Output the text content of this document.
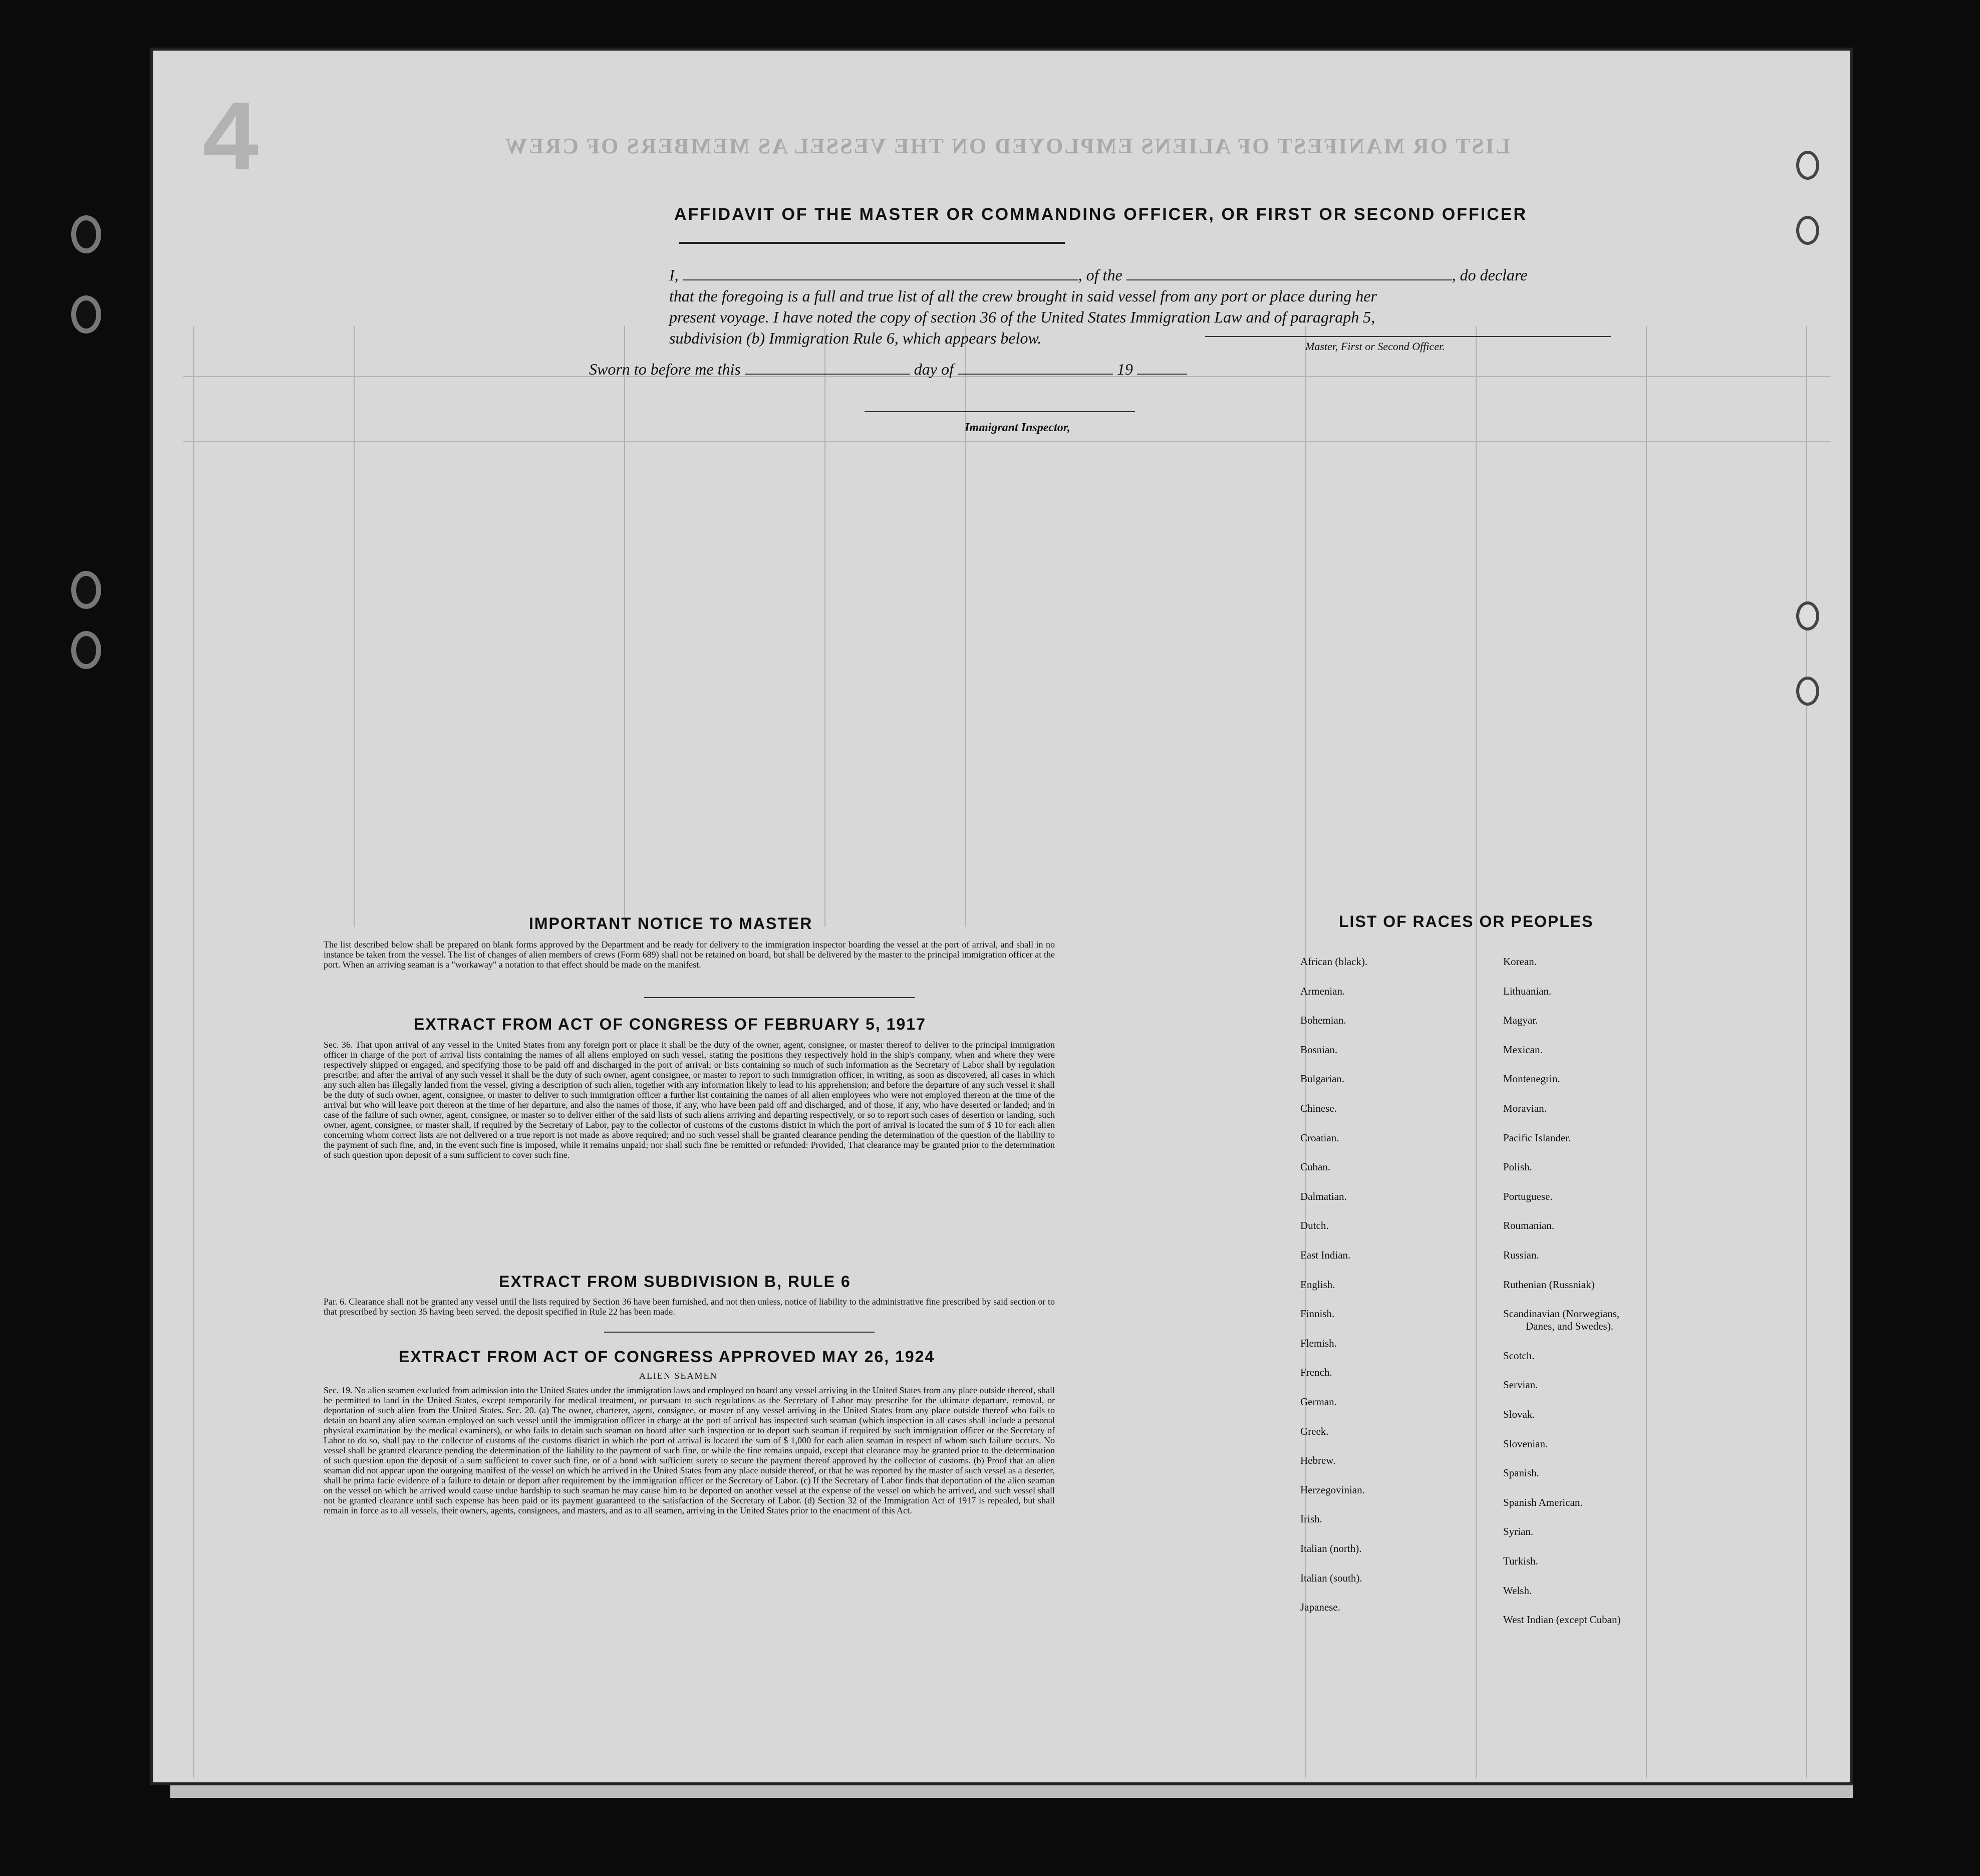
LIST OR MANIFEST OF ALIENS EMPLOYED ON THE VESSEL AS MEMBERS OF CREW
4
AFFIDAVIT OF THE MASTER OR COMMANDING OFFICER, OR FIRST OR SECOND OFFICER
I,	, of the	, do declare
that the foregoing is a full and true list of all the crew brought in said vessel from any port or place during her
present voyage. I have noted the copy of section 36 of the United States Immigration Law and of paragraph 5,
subdivision (b) Immigration Rule 6, which appears below.	Master, First or Second Officer.
Sworn to before me this	day of	19
Immigrant Inspector,
IMPORTANT NOTICE TO MASTER
The list described below shall be prepared on blank forms approved by the Department and be ready for delivery to the immigration inspector boarding the vessel at the port of arrival, and shall in no instance be taken from the vessel. The list of changes of alien members of crews (Form 689) shall not be retained on board, but shall be delivered by the master to the principal immigration officer at the port. When an arriving seaman is a "workaway" a notation to that effect should be made on the manifest.
EXTRACT FROM ACT OF CONGRESS OF FEBRUARY 5, 1917
Sec. 36. That upon arrival of any vessel in the United States from any foreign port or place it shall be the duty of the owner, agent, consignee, or master thereof to deliver to the principal immigration officer in charge of the port of arrival lists containing the names of all aliens employed on such vessel, stating the positions they respectively hold in the ship's company, when and where they were respectively shipped or engaged, and specifying those to be paid off and discharged in the port of arrival; or lists containing so much of such information as the Secretary of Labor shall by regulation prescribe; and after the arrival of any such vessel it shall be the duty of such owner, agent consignee, or master to report to such immigration officer, in writing, as soon as discovered, all cases in which any such alien has illegally landed from the vessel, giving a description of such alien, together with any information likely to lead to his apprehension; and before the departure of any such vessel it shall be the duty of such owner, agent, consignee, or master to deliver to such immigration officer a further list containing the names of all alien employees who were not employed thereon at the time of the arrival but who will leave port thereon at the time of her departure, and also the names of those, if any, who have been paid off and discharged, and of those, if any, who have deserted or landed; and in case of the failure of such owner, agent, consignee, or master so to deliver either of the said lists of such aliens arriving and departing respectively, or so to report such cases of desertion or landing, such owner, agent, consignee, or master shall, if required by the Secretary of Labor, pay to the collector of customs of the customs district in which the port of arrival is located the sum of $ 10 for each alien concerning whom correct lists are not delivered or a true report is not made as above required; and no such vessel shall be granted clearance pending the determination of the question of the liability to the payment of such fine, and, in the event such fine is imposed, while it remains unpaid; nor shall such fine be remitted or refunded: Provided, That clearance may be granted prior to the determination of such question upon deposit of a sum sufficient to cover such fine.
EXTRACT FROM SUBDIVISION B, RULE 6
Par. 6. Clearance shall not be granted any vessel until the lists required by Section 36 have been furnished, and not then unless, notice of liability to the administrative fine prescribed by said section or to that prescribed by section 35 having been served. the deposit specified in Rule 22 has been made.
EXTRACT FROM ACT OF CONGRESS APPROVED MAY 26, 1924
ALIEN SEAMEN
Sec. 19. No alien seamen excluded from admission into the United States under the immigration laws and employed on board any vessel arriving in the United States from any place outside thereof, shall be permitted to land in the United States, except temporarily for medical treatment, or pursuant to such regulations as the Secretary of Labor may prescribe for the ultimate departure, removal, or deportation of such alien from the United States. Sec. 20. (a) The owner, charterer, agent, consignee, or master of any vessel arriving in the United States from any place outside thereof who fails to detain on board any alien seaman employed on such vessel until the immigration officer in charge at the port of arrival has inspected such seaman (which inspection in all cases shall include a personal physical examination by the medical examiners), or who fails to detain such seaman on board after such inspection or to deport such seaman if required by such immigration officer or the Secretary of Labor to do so, shall pay to the collector of customs of the customs district in which the port of arrival is located the sum of $ 1,000 for each alien seaman in respect of whom such failure occurs. No vessel shall be granted clearance pending the determination of the liability to the payment of such fine, or while the fine remains unpaid, except that clearance may be granted prior to the determination of such question upon the deposit of a sum sufficient to cover such fine, or of a bond with sufficient surety to secure the payment thereof approved by the collector of customs. (b) Proof that an alien seaman did not appear upon the outgoing manifest of the vessel on which he arrived in the United States from any place outside thereof, or that he was reported by the master of such vessel as a deserter, shall be prima facie evidence of a failure to detain or deport after requirement by the immigration officer or the Secretary of Labor. (c) If the Secretary of Labor finds that deportation of the alien seaman on the vessel on which he arrived would cause undue hardship to such seaman he may cause him to be deported on another vessel at the expense of the vessel on which he arrived, and such vessel shall not be granted clearance until such expense has been paid or its payment guaranteed to the satisfaction of the Secretary of Labor. (d) Section 32 of the Immigration Act of 1917 is repealed, but shall remain in force as to all vessels, their owners, agents, consignees, and masters, and as to all seamen, arriving in the United States prior to the enactment of this Act.
LIST OF RACES OR PEOPLES
African (black).
Armenian.
Bohemian.
Bosnian.
Bulgarian.
Chinese.
Croatian.
Cuban.
Dalmatian.
Dutch.
East Indian.
English.
Finnish.
Flemish.
French.
German.
Greek.
Hebrew.
Herzegovinian.
Irish.
Italian (north).
Italian (south).
Japanese.
Korean.
Lithuanian.
Magyar.
Mexican.
Montenegrin.
Moravian.
Pacific Islander.
Polish.
Portuguese.
Roumanian.
Russian.
Ruthenian (Russniak)
Scandinavian (Norwegians,
Scotch.
Servian.
Slovak.
Slovenian.
Spanish.
Spanish American.
Syrian.
Turkish.
Welsh.
West Indian (except Cuban)
Danes, and Swedes).
